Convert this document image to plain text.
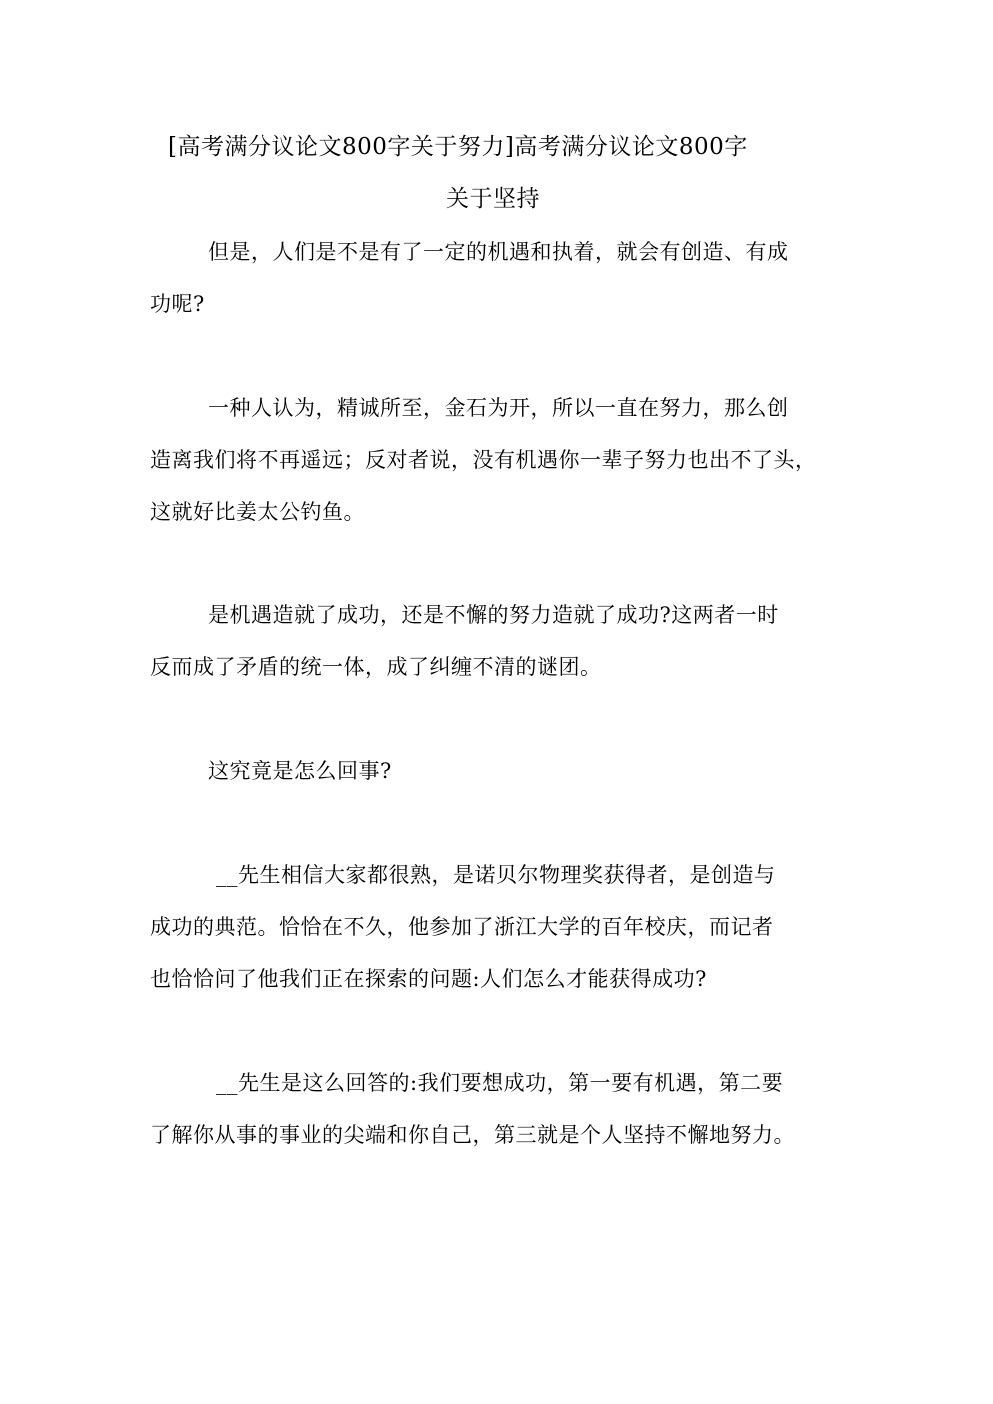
[高考满分议论文800字关于努力]高考满分议论文800字
关于坚持
但是，人们是不是有了一定的机遇和执着，就会有创造、有成
功呢?
一种人认为，精诚所至，金石为开，所以一直在努力，那么创
造离我们将不再遥远；反对者说，没有机遇你一辈子努力也出不了头，
这就好比姜太公钓鱼。
是机遇造就了成功，还是不懈的努力造就了成功?这两者一时
反而成了矛盾的统一体，成了纠缠不清的谜团。
这究竟是怎么回事?
__先生相信大家都很熟，是诺贝尔物理奖获得者，是创造与
成功的典范。恰恰在不久，他参加了浙江大学的百年校庆，而记者
也恰恰问了他我们正在探索的问题:人们怎么才能获得成功?
__先生是这么回答的:我们要想成功，第一要有机遇，第二要
了解你从事的事业的尖端和你自己，第三就是个人坚持不懈地努力。
